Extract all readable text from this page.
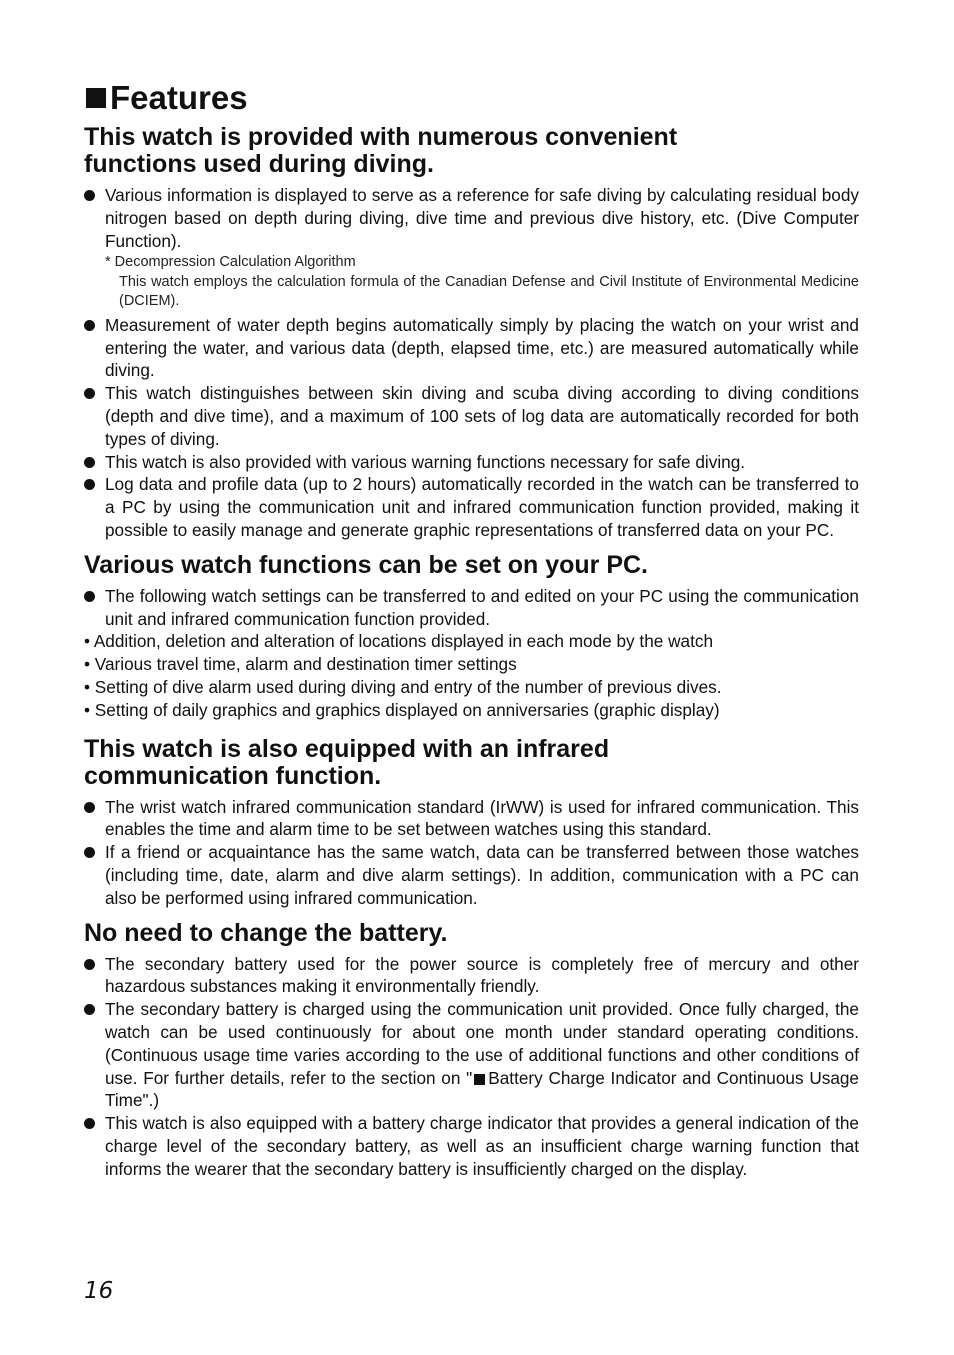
Features
This watch is provided with numerous convenient
functions used during diving.
Various information is displayed to serve as a reference for safe diving by calculating residual body nitrogen based on depth during diving, dive time and previous dive history, etc. (Dive Computer Function).
* Decompression Calculation Algorithm
This watch employs the calculation formula of the Canadian Defense and Civil Institute of Environmental Medicine (DCIEM).
Measurement of water depth begins automatically simply by placing the watch on your wrist and entering the water, and various data (depth, elapsed time, etc.) are measured automatically while diving.
This watch distinguishes between skin diving and scuba diving according to diving conditions (depth and dive time), and a maximum of 100 sets of log data are automatically recorded for both types of diving.
This watch is also provided with various warning functions necessary for safe diving.
Log data and profile data (up to 2 hours) automatically recorded in the watch can be transferred to a PC by using the communication unit and infrared communication function provided, making it possible to easily manage and generate graphic representations of transferred data on your PC.
Various watch functions can be set on your PC.
The following watch settings can be transferred to and edited on your PC using the communication unit and infrared communication function provided.
• Addition, deletion and alteration of locations displayed in each mode by the watch
• Various travel time, alarm and destination timer settings
• Setting of dive alarm used during diving and entry of the number of previous dives.
• Setting of daily graphics and graphics displayed on anniversaries (graphic display)
This watch is also equipped with an infrared
communication function.
The wrist watch infrared communication standard (IrWW) is used for infrared communication. This enables the time and alarm time to be set between watches using this standard.
If a friend or acquaintance has the same watch, data can be transferred between those watches (including time, date, alarm and dive alarm settings). In addition, communication with a PC can also be performed using infrared communication.
No need to change the battery.
The secondary battery used for the power source is completely free of mercury and other hazardous substances making it environmentally friendly.
The secondary battery is charged using the communication unit provided. Once fully charged, the watch can be used continuously for about one month under standard operating conditions. (Continuous usage time varies according to the use of additional functions and other conditions of use. For further details, refer to the section on " Battery Charge Indicator and Continuous Usage Time".)
This watch is also equipped with a battery charge indicator that provides a general indication of the charge level of the secondary battery, as well as an insufficient charge warning function that informs the wearer that the secondary battery is insufficiently charged on the display.
16
